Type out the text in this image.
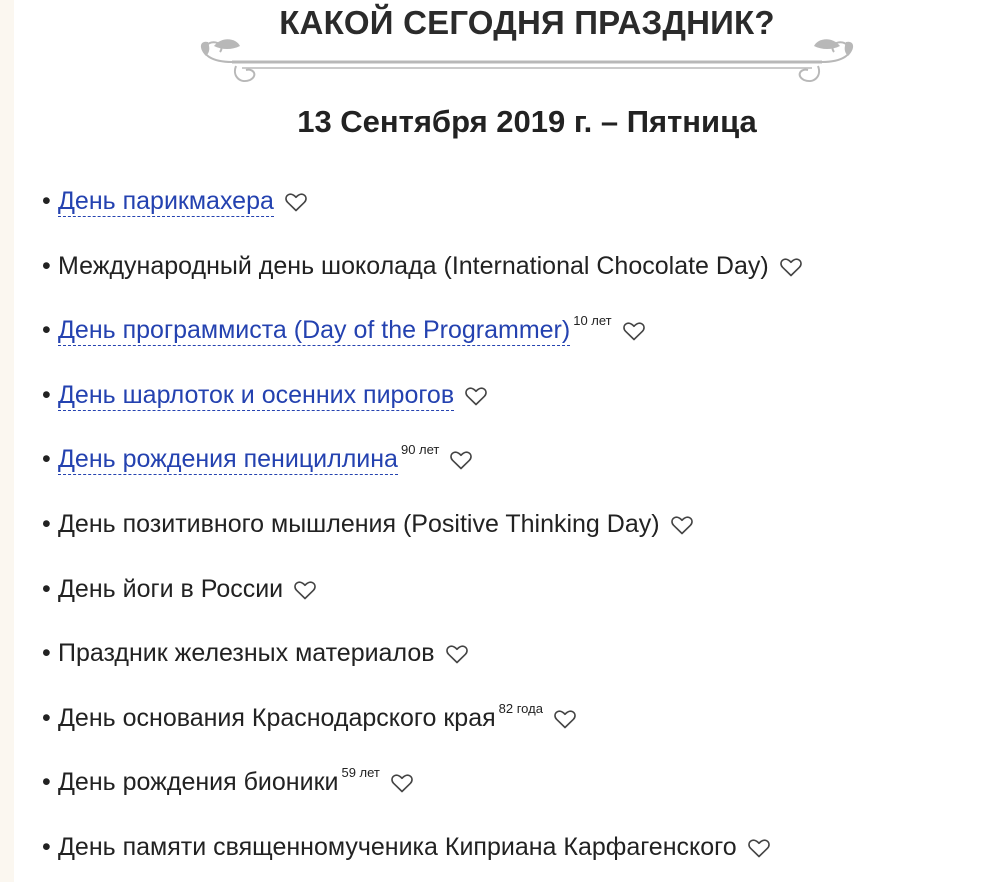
КАКОЙ СЕГОДНЯ ПРАЗДНИК?
13 Сентября 2019 г. – Пятница
• День парикмахера
• Международный день шоколада (International Chocolate Day)
• День программиста (Day of the Programmer)$^{10 лет}$
• День шарлоток и осенних пирогов
• День рождения пенициллина$^{90 лет}$
• День позитивного мышления (Positive Thinking Day)
• День йоги в России
• Праздник железных материалов
• День основания Краснодарского края$^{82 года}$
• День рождения бионики$^{59 лет}$
• День памяти священномученика Киприана Карфагенского
